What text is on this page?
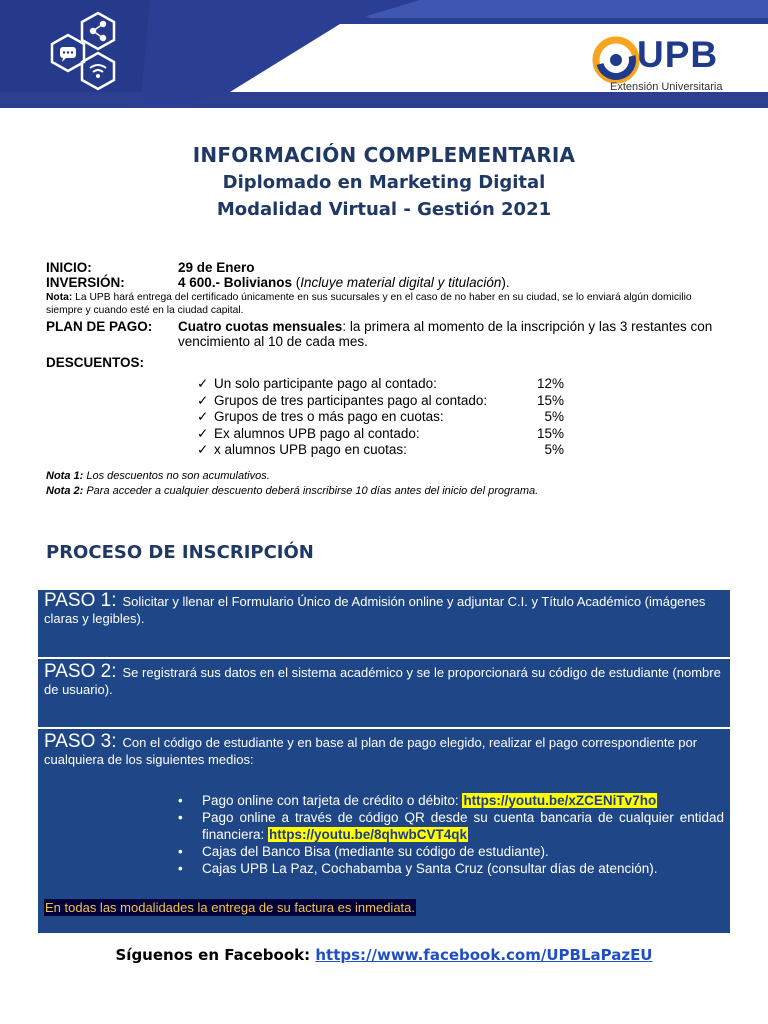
UPB
Extensión Universitaria
INFORMACIÓN COMPLEMENTARIA
Diplomado en Marketing Digital
Modalidad Virtual - Gestión 2021
INICIO:	29 de Enero
INVERSIÓN:	4 600.- Bolivianos (Incluye material digital y titulación).
Nota: La UPB hará entrega del certificado únicamente en sus sucursales y en el caso de no haber en su ciudad, se lo enviará algún domicilio siempre y cuando esté en la ciudad capital.
PLAN DE PAGO:	Cuatro cuotas mensuales: la primera al momento de la inscripción y las 3 restantes con vencimiento al 10 de cada mes.
DESCUENTOS:
✓ Un solo participante pago al contado:	12%
✓ Grupos de tres participantes pago al contado:	15%
✓ Grupos de tres o más pago en cuotas:	5%
✓ Ex alumnos UPB pago al contado:	15%
✓ x alumnos UPB pago en cuotas:	5%
Nota 1: Los descuentos no son acumulativos.
Nota 2: Para acceder a cualquier descuento deberá inscribirse 10 días antes del inicio del programa.
PROCESO DE INSCRIPCIÓN
PASO 1: Solicitar y llenar el Formulario Único de Admisión online y adjuntar C.I. y Título Académico (imágenes claras y legibles).
PASO 2: Se registrará sus datos en el sistema académico y se le proporcionará su código de estudiante (nombre de usuario).
PASO 3: Con el código de estudiante y en base al plan de pago elegido, realizar el pago correspondiente por cualquiera de los siguientes medios:
• Pago online con tarjeta de crédito o débito: https://youtu.be/xZCENiTv7ho
• Pago online a través de código QR desde su cuenta bancaria de cualquier entidad financiera: https://youtu.be/8qhwbCVT4qk
• Cajas del Banco Bisa (mediante su código de estudiante).
• Cajas UPB La Paz, Cochabamba y Santa Cruz (consultar días de atención).
En todas las modalidades la entrega de su factura es inmediata.
Síguenos en Facebook: https://www.facebook.com/UPBLaPazEU
